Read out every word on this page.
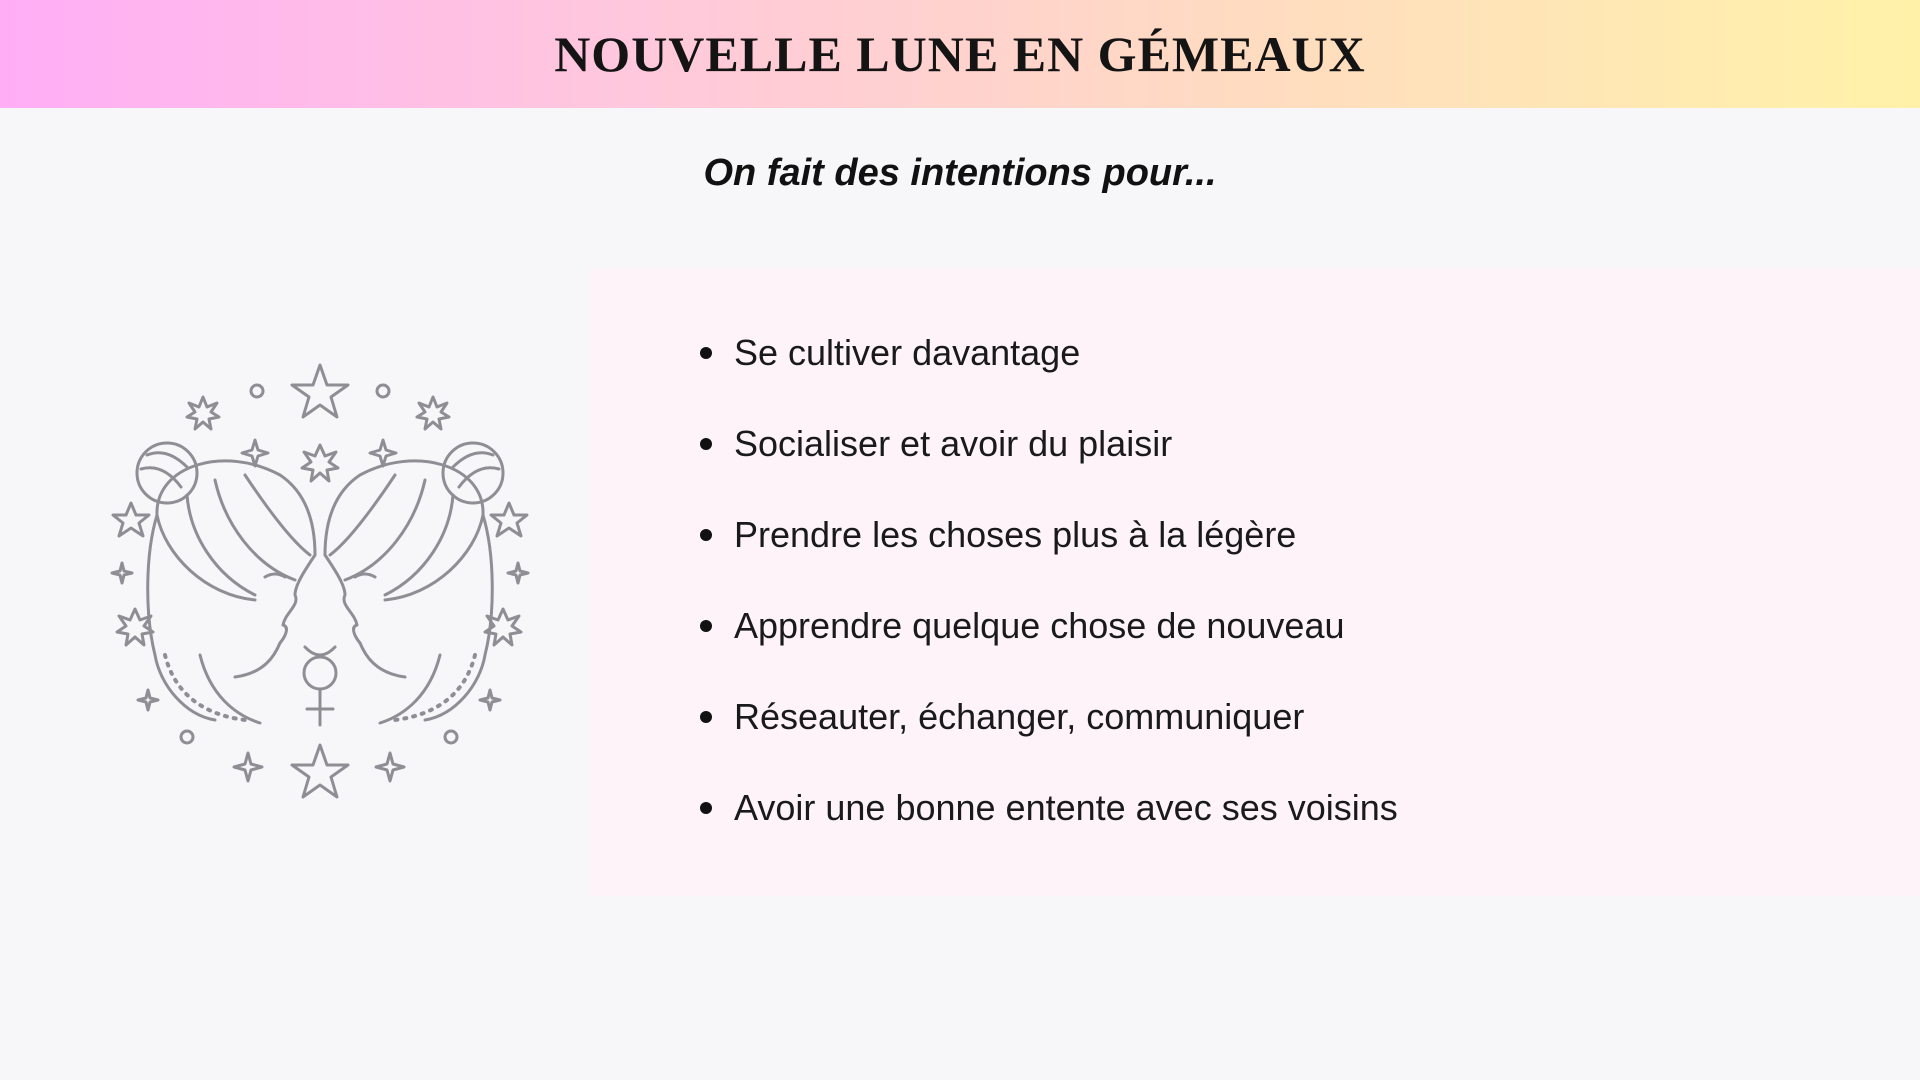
NOUVELLE LUNE EN GÉMEAUX
On fait des intentions pour...
Se cultiver davantage
Socialiser et avoir du plaisir
Prendre les choses plus à la légère
Apprendre quelque chose de nouveau
Réseauter, échanger, communiquer
Avoir une bonne entente avec ses voisins
